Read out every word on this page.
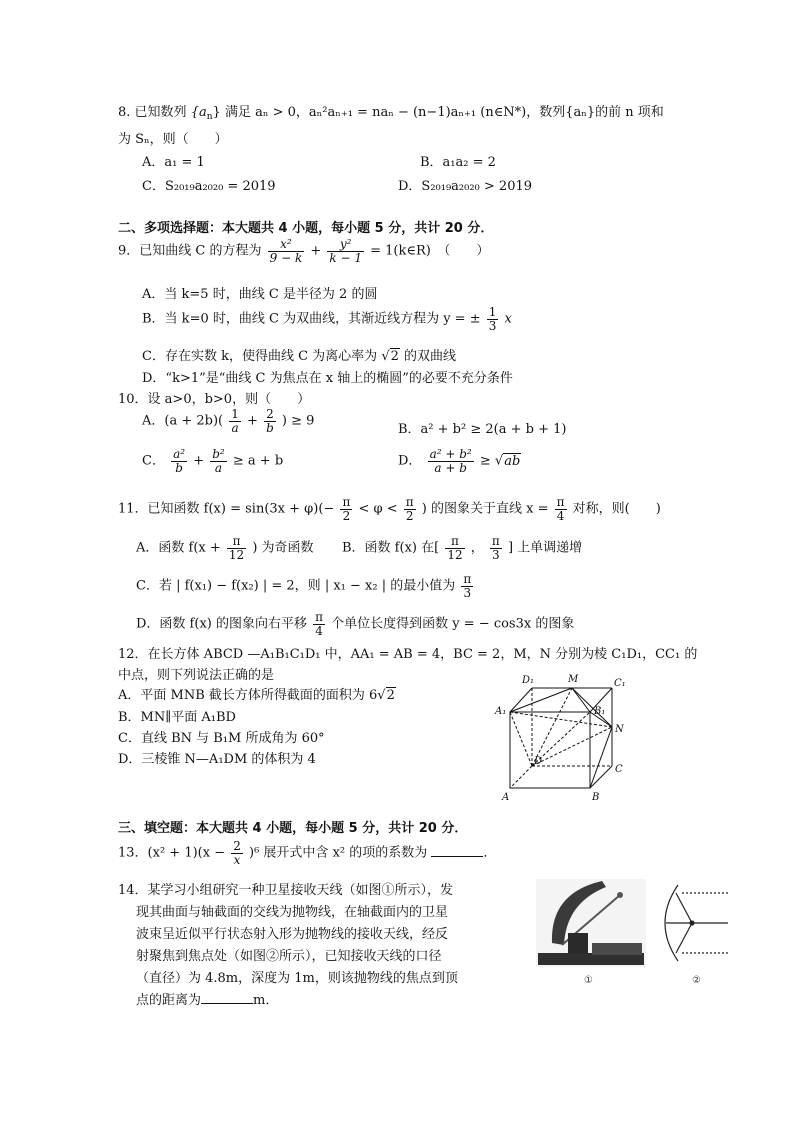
8. 已知数列 $\{a_n\}$ 满足 aₙ > 0，aₙ²aₙ₊₁ = naₙ − (n−1)aₙ₊₁ (n∈N*)，数列{aₙ}的前 n 项和
为 Sₙ，则（　　）
A．a₁ = 1	B．a₁a₂ = 2
C．S₂₀₁₉a₂₀₂₀ = 2019	D．S₂₀₁₉a₂₀₂₀ > 2019
二、多项选择题：本大题共 4 小题，每小题 5 分，共计 20 分．
9．已知曲线 C 的方程为 $\frac{\text{x²}}{9 - k} + \frac{\text{y²}}{k - 1}$ = 1(k∈R)　（　　）
A．当 k=5 时，曲线 C 是半径为 2 的圆
B．当 k=0 时，曲线 C 为双曲线，其渐近线方程为 y = ± $\frac{1}{3}$ x
C．存在实数 k，使得曲线 C 为离心率为 √2 的双曲线
D．“k>1”是“曲线 C 为焦点在 x 轴上的椭圆”的必要不充分条件
10．设 a>0，b>0，则（　　）
A．$(a + 2b)( \frac{1}{a} + \frac{2}{b}$ ) ≥ 9
B．a² + b² ≥ 2(a + b + 1)
C． $\frac{\text{a²}}{b} + \frac{\text{b²}}{a} \ge a + b$	D． $\frac{\text{a² + b²}}{a + b} \ge √ab$
11．已知函数 $f(x) = \sin(3x + \varphi)(- \frac{\pi}{2} < \varphi < \frac{\pi}{2}$ ) 的图象关于直线 $x = \frac{\pi}{4}$ 对称，则(　　)
A．函数 $f(x + \frac{\pi}{12}$ ) 为奇函数 B．函数 f(x) 在[ $\frac{\pi}{12}$ ， $\frac{\pi}{3}$ ] 上单调递增
C．若 | f(x₁) − f(x₂) | = 2，则 | x₁ − x₂ | 的最小值为 $\frac{\pi}{3}$
D．函数 f(x) 的图象向右平移 $\frac{\pi}{4}$ 个单位长度得到函数 y = − cos3x 的图象
12．在长方体 ABCD —A₁B₁C₁D₁ 中，AA₁ = AB = 4，BC = 2，M，N 分别为棱 C₁D₁，CC₁ 的
中点，则下列说法正确的是
A．平面 MNB 截长方体所得截面的面积为 6√2
B．MN∥平面 A₁BD
C．直线 BN 与 B₁M 所成角为 60°
D．三棱锥 N—A₁DM 的体积为 4
D₁	M	C₁
A₁	B₁
N
D
C
A	B
三、填空题：本大题共 4 小题，每小题 5 分，共计 20 分．
13．$(x^2 + 1)(x - \frac{2}{x} )^6$ 展开式中含 x² 的项的系数为	．
14．某学习小组研究一种卫星接收天线（如图①所示），发
现其曲面与轴截面的交线为抛物线，在轴截面内的卫星
波束呈近似平行状态射入形为抛物线的接收天线，经反
射聚焦到焦点处（如图②所示），已知接收天线的口径
（直径）为 4.8m，深度为 1m，则该抛物线的焦点到顶
点的距离为	m．
①	②
